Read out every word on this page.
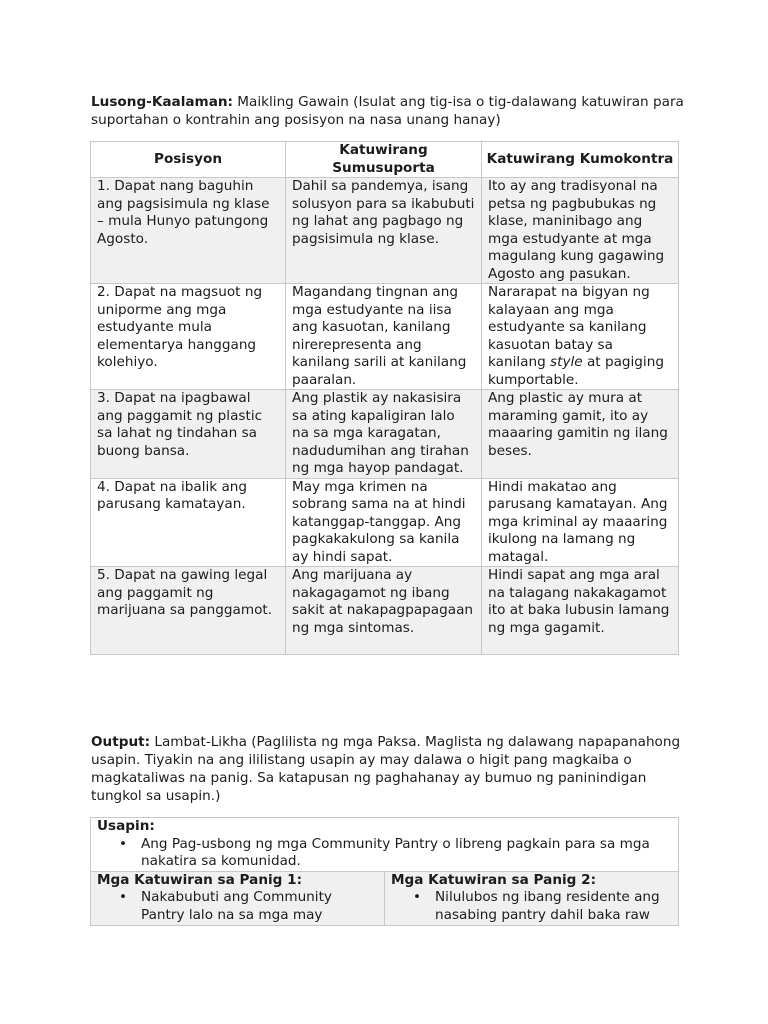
Lusong-Kaalaman: Maikling Gawain (Isulat ang tig-isa o tig-dalawang katuwiran para suportahan o kontrahin ang posisyon na nasa unang hanay)
Posisyon	Katuwirang Sumusuporta	Katuwirang Kumokontra
1. Dapat nang baguhin ang pagsisimula ng klase – mula Hunyo patungong Agosto.	Dahil sa pandemya, isang solusyon para sa ikabubuti ng lahat ang pagbago ng pagsisimula ng klase.	Ito ay ang tradisyonal na petsa ng pagbubukas ng klase, maninibago ang mga estudyante at mga magulang kung gagawing Agosto ang pasukan.
2. Dapat na magsuot ng uniporme ang mga estudyante mula elementarya hanggang kolehiyo.	Magandang tingnan ang mga estudyante na iisa ang kasuotan, kanilang nirerepresenta ang kanilang sarili at kanilang paaralan.	Nararapat na bigyan ng kalayaan ang mga estudyante sa kanilang kasuotan batay sa kanilang style at pagiging kumportable.
3. Dapat na ipagbawal ang paggamit ng plastic sa lahat ng tindahan sa buong bansa.	Ang plastik ay nakasisira sa ating kapaligiran lalo na sa mga karagatan, nadudumihan ang tirahan ng mga hayop pandagat.	Ang plastic ay mura at maraming gamit, ito ay maaaring gamitin ng ilang beses.
4. Dapat na ibalik ang parusang kamatayan.	May mga krimen na sobrang sama na at hindi katanggap-tanggap. Ang pagkakakulong sa kanila ay hindi sapat.	Hindi makatao ang parusang kamatayan. Ang mga kriminal ay maaaring ikulong na lamang ng matagal.
5. Dapat na gawing legal ang paggamit ng marijuana sa panggamot.	Ang marijuana ay nakagagamot ng ibang sakit at nakapagpapagaan ng mga sintomas.	Hindi sapat ang mga aral na talagang nakakagamot ito at baka lubusin lamang ng mga gagamit.
Output: Lambat-Likha (Paglilista ng mga Paksa. Maglista ng dalawang napapanahong usapin. Tiyakin na ang ililistang usapin ay may dalawa o higit pang magkaiba o magkataliwas na panig. Sa katapusan ng paghahanay ay bumuo ng paninindigan tungkol sa usapin.)
Usapin:
•	Ang Pag-usbong ng mga Community Pantry o libreng pagkain para sa mga nakatira sa komunidad.

Mga Katuwiran sa Panig 1:
•	Nakabubuti ang Community Pantry lalo na sa mga may

Mga Katuwiran sa Panig 2:
•	Nilulubos ng ibang residente ang nasabing pantry dahil baka raw
